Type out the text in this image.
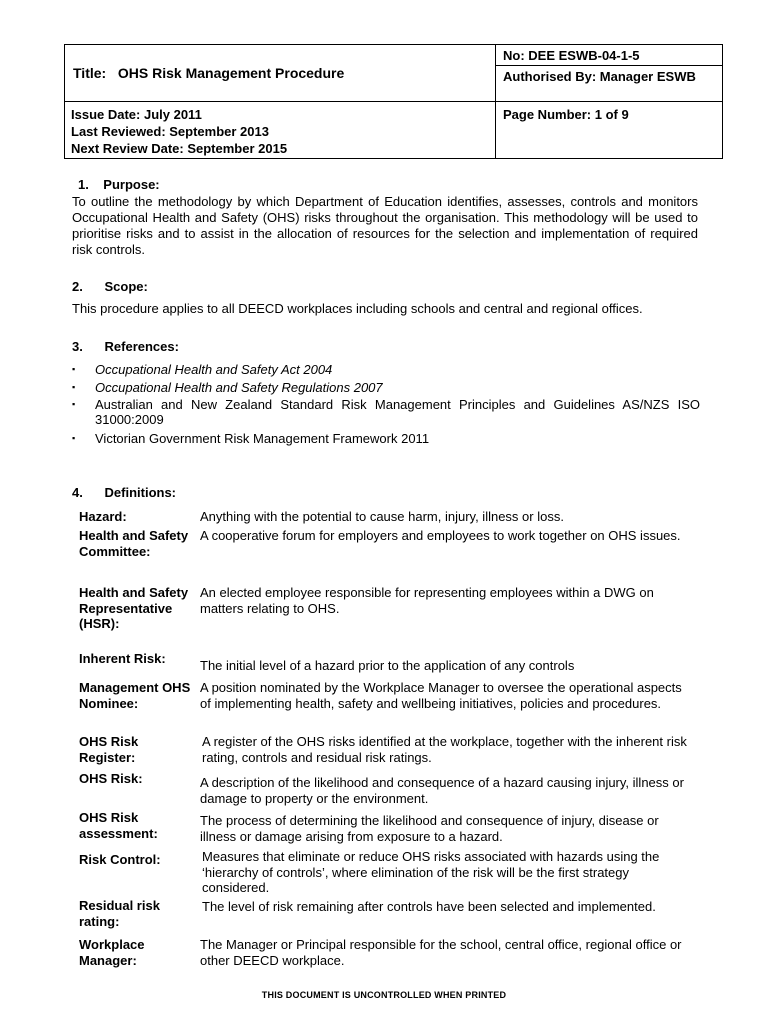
Title: OHS Risk Management Procedure
Issue Date: July 2011
Last Reviewed: September 2013
Next Review Date: September 2015
No: DEE ESWB-04-1-5
Authorised By: Manager ESWB
Page Number: 1 of 9
1. Purpose:
To outline the methodology by which Department of Education identifies, assesses, controls and monitors Occupational Health and Safety (OHS) risks throughout the organisation. This methodology will be used to prioritise risks and to assist in the allocation of resources for the selection and implementation of required risk controls.
2. Scope:
This procedure applies to all DEECD workplaces including schools and central and regional offices.
3. References:
▪ Occupational Health and Safety Act 2004
▪ Occupational Health and Safety Regulations 2007
▪ Australian and New Zealand Standard Risk Management Principles and Guidelines AS/NZS ISO 31000:2009
▪ Victorian Government Risk Management Framework 2011
4. Definitions:
Hazard:	Anything with the potential to cause harm, injury, illness or loss.
Health and Safety Committee:
A cooperative forum for employers and employees to work together on OHS issues.
Health and Safety Representative (HSR):
An elected employee responsible for representing employees within a DWG on matters relating to OHS.
Inherent Risk:	The initial level of a hazard prior to the application of any controls
Management OHS Nominee:
A position nominated by the Workplace Manager to oversee the operational aspects of implementing health, safety and wellbeing initiatives, policies and procedures.
OHS Risk Register:
A register of the OHS risks identified at the workplace, together with the inherent risk rating, controls and residual risk ratings.
OHS Risk:	A description of the likelihood and consequence of a hazard causing injury, illness or damage to property or the environment.
OHS Risk assessment:
The process of determining the likelihood and consequence of injury, disease or illness or damage arising from exposure to a hazard.
Risk Control:	Measures that eliminate or reduce OHS risks associated with hazards using the ‘hierarchy of controls’, where elimination of the risk will be the first strategy considered.
Residual risk rating:
The level of risk remaining after controls have been selected and implemented.
Workplace Manager:
The Manager or Principal responsible for the school, central office, regional office or other DEECD workplace.
THIS DOCUMENT IS UNCONTROLLED WHEN PRINTED
